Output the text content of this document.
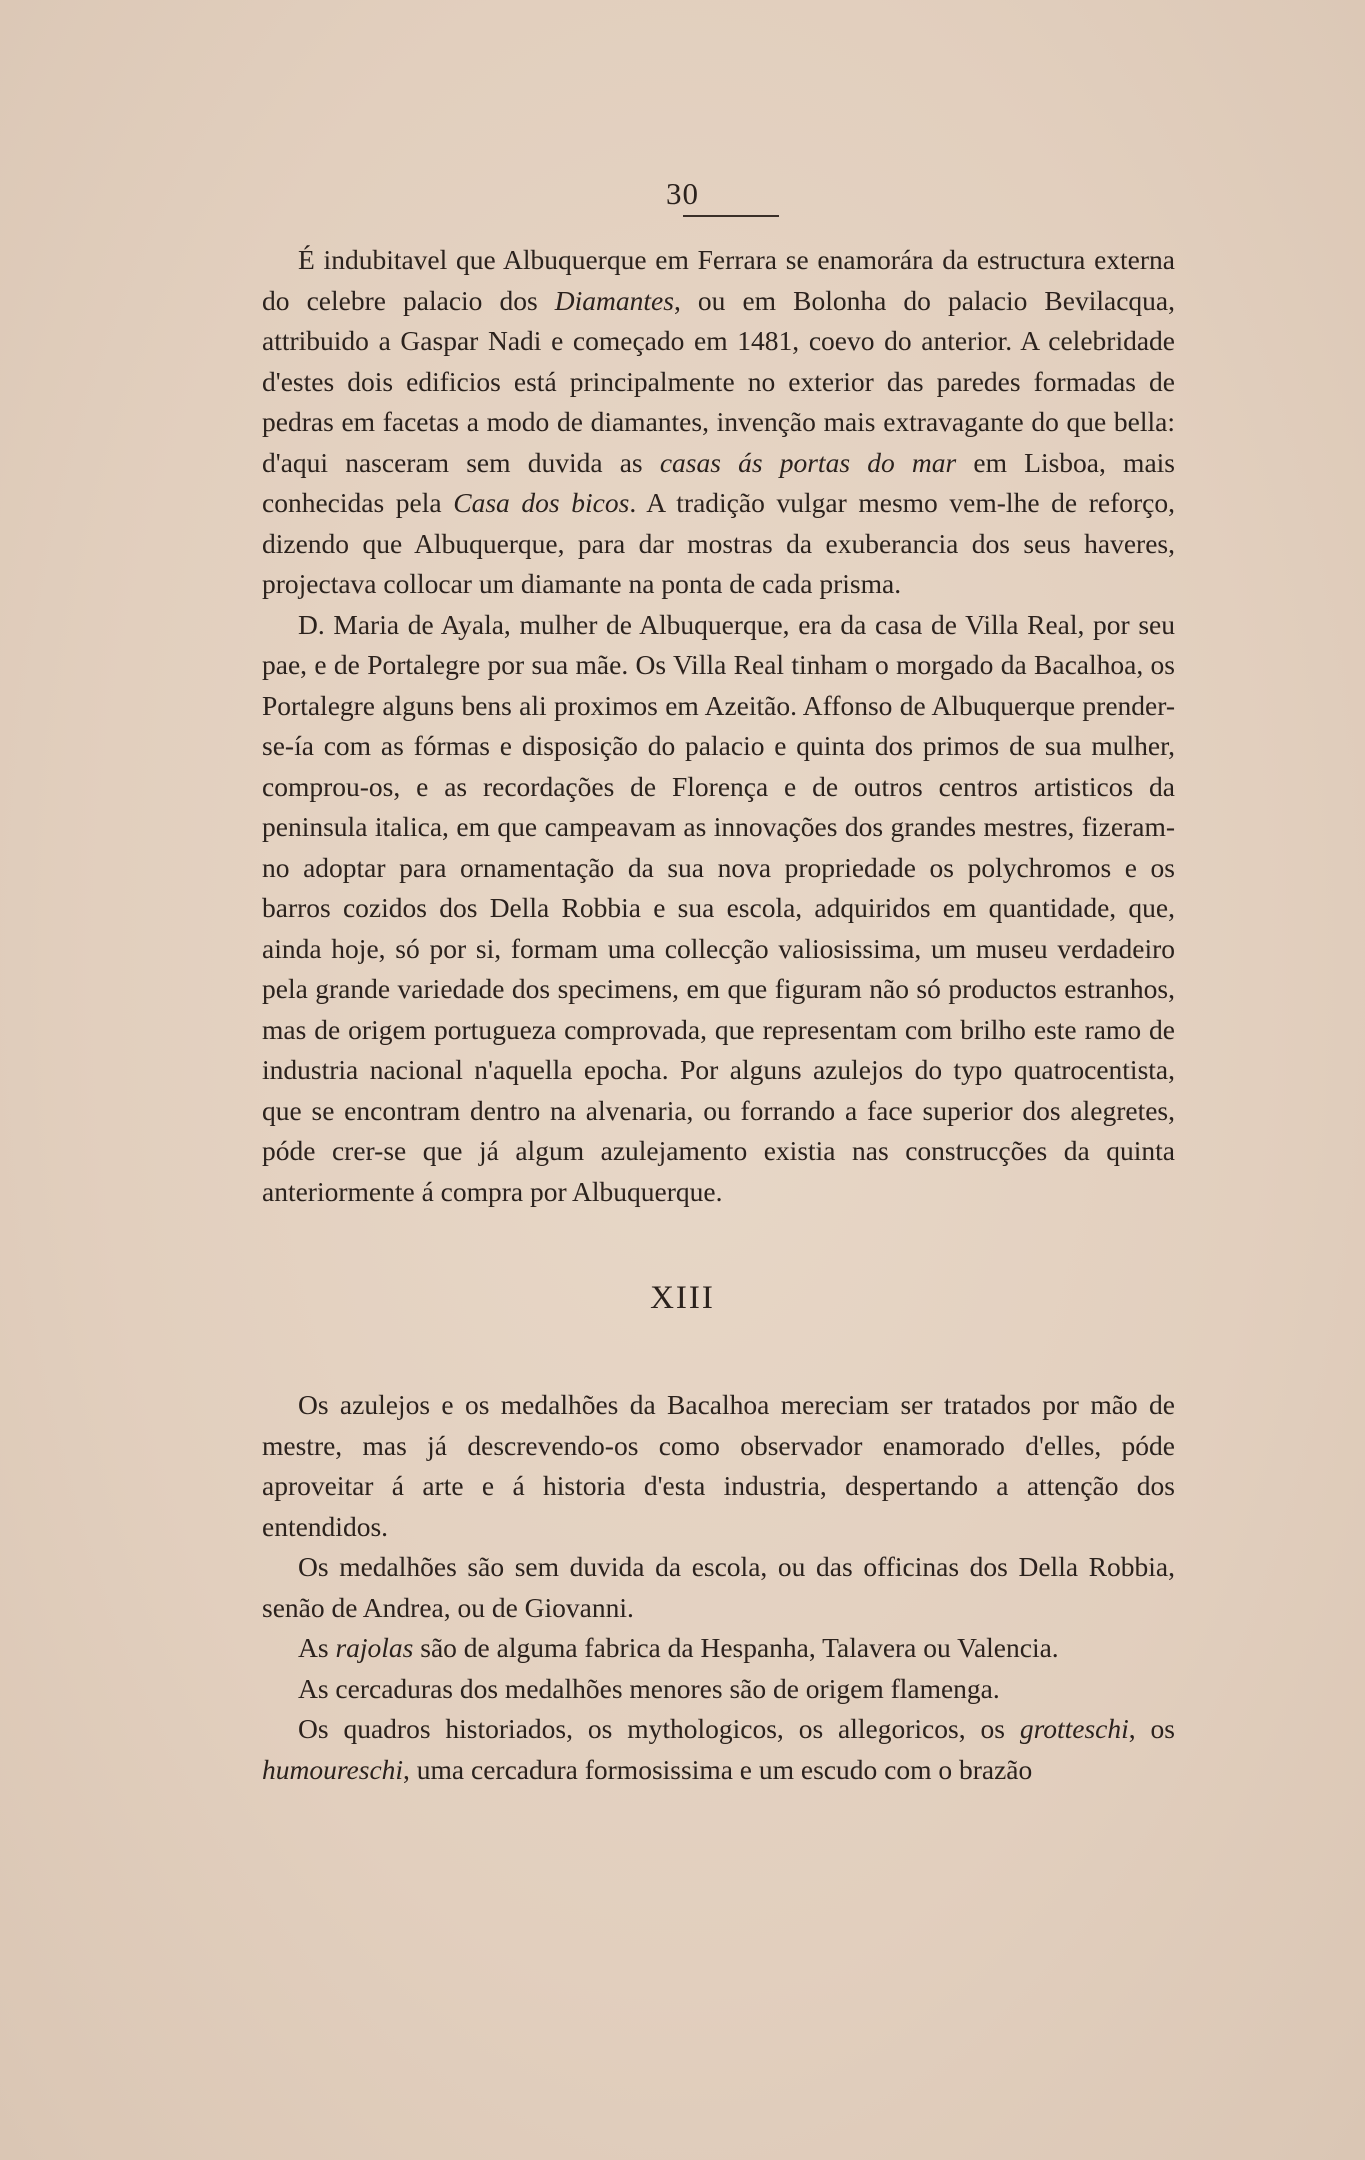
30

É indubitavel que Albuquerque em Ferrara se enamorára da estructura externa do celebre palacio dos Diamantes, ou em Bolonha do palacio Bevilacqua, attribuido a Gaspar Nadi e começado em 1481, coevo do anterior. A celebridade d'estes dois edificios está principalmente no exterior das paredes formadas de pedras em facetas a modo de diamantes, invenção mais extravagante do que bella: d'aqui nasceram sem duvida as casas ás portas do mar em Lisboa, mais conhecidas pela Casa dos bicos. A tradição vulgar mesmo vem-lhe de reforço, dizendo que Albuquerque, para dar mostras da exuberancia dos seus haveres, projectava collocar um diamante na ponta de cada prisma.

D. Maria de Ayala, mulher de Albuquerque, era da casa de Villa Real, por seu pae, e de Portalegre por sua mãe. Os Villa Real tinham o morgado da Bacalhoa, os Portalegre alguns bens ali proximos em Azeitão. Affonso de Albuquerque prender-se-ía com as fórmas e disposição do palacio e quinta dos primos de sua mulher, comprou-os, e as recordações de Florença e de outros centros artisticos da peninsula italica, em que campeavam as innovações dos grandes mestres, fizeram-no adoptar para ornamentação da sua nova propriedade os polychromos e os barros cozidos dos Della Robbia e sua escola, adquiridos em quantidade, que, ainda hoje, só por si, formam uma collecção valiosissima, um museu verdadeiro pela grande variedade dos specimens, em que figuram não só productos estranhos, mas de origem portugueza comprovada, que representam com brilho este ramo de industria nacional n'aquella epocha. Por alguns azulejos do typo quatrocentista, que se encontram dentro na alvenaria, ou forrando a face superior dos alegretes, póde crer-se que já algum azulejamento existia nas construcções da quinta anteriormente á compra por Albuquerque.

XIII

Os azulejos e os medalhões da Bacalhoa mereciam ser tratados por mão de mestre, mas já descrevendo-os como observador enamorado d'elles, póde aproveitar á arte e á historia d'esta industria, despertando a attenção dos entendidos.

Os medalhões são sem duvida da escola, ou das officinas dos Della Robbia, senão de Andrea, ou de Giovanni.

As rajolas são de alguma fabrica da Hespanha, Talavera ou Valencia.

As cercaduras dos medalhões menores são de origem flamenga.

Os quadros historiados, os mythologicos, os allegoricos, os grotteschi, os humoureschi, uma cercadura formosissima e um escudo com o brazão
